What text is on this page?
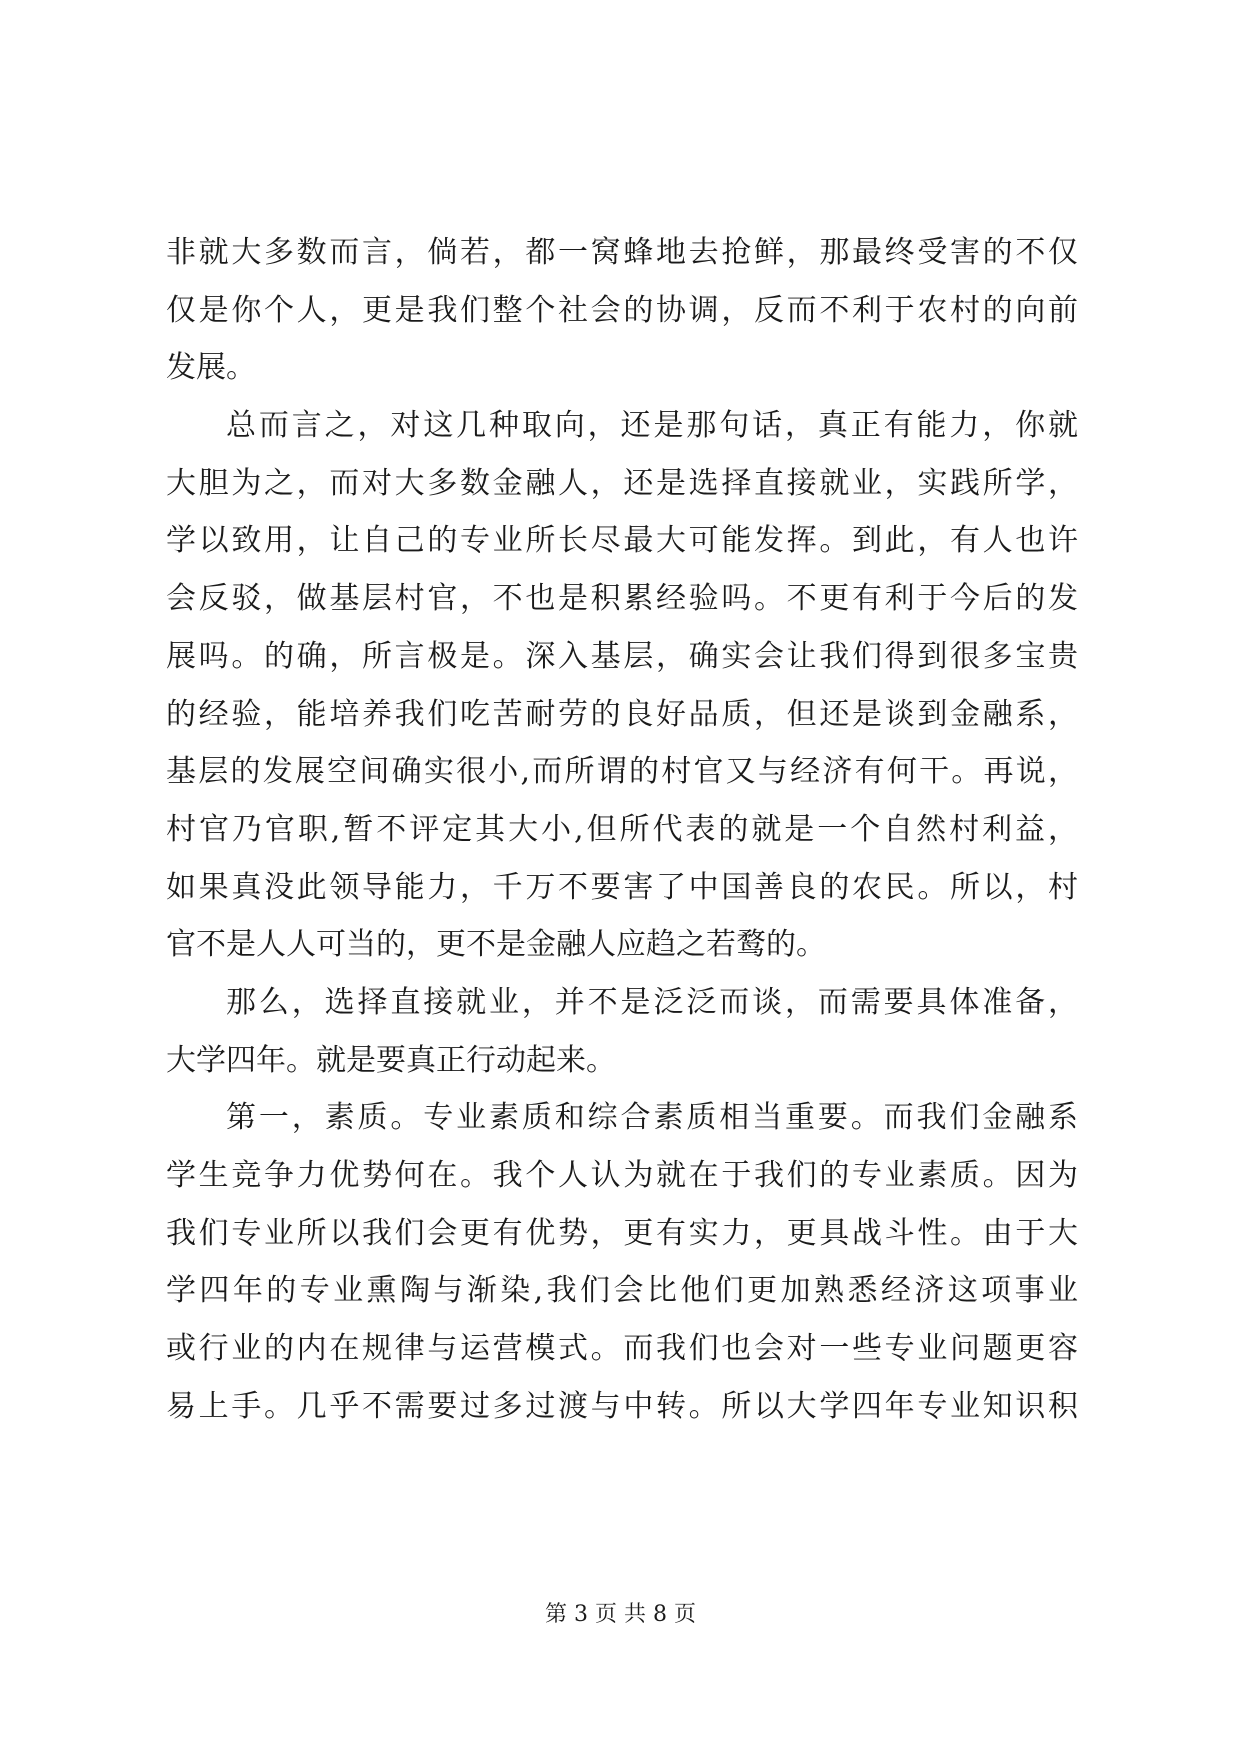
非就大多数而言，倘若，都一窝蜂地去抢鲜，那最终受害的不仅
仅是你个人，更是我们整个社会的协调，反而不利于农村的向前
发展。
总而言之，对这几种取向，还是那句话，真正有能力，你就
大胆为之，而对大多数金融人，还是选择直接就业，实践所学，
学以致用，让自己的专业所长尽最大可能发挥。到此，有人也许
会反驳，做基层村官，不也是积累经验吗。不更有利于今后的发
展吗。的确，所言极是。深入基层，确实会让我们得到很多宝贵
的经验，能培养我们吃苦耐劳的良好品质，但还是谈到金融系，
基层的发展空间确实很小,而所谓的村官又与经济有何干。再说，
村官乃官职,暂不评定其大小,但所代表的就是一个自然村利益，
如果真没此领导能力，千万不要害了中国善良的农民。所以，村
官不是人人可当的，更不是金融人应趋之若鹜的。
那么，选择直接就业，并不是泛泛而谈，而需要具体准备，
大学四年。就是要真正行动起来。
第一，素质。专业素质和综合素质相当重要。而我们金融系
学生竞争力优势何在。我个人认为就在于我们的专业素质。因为
我们专业所以我们会更有优势，更有实力，更具战斗性。由于大
学四年的专业熏陶与渐染,我们会比他们更加熟悉经济这项事业
或行业的内在规律与运营模式。而我们也会对一些专业问题更容
易上手。几乎不需要过多过渡与中转。所以大学四年专业知识积
第 3 页 共 8 页
